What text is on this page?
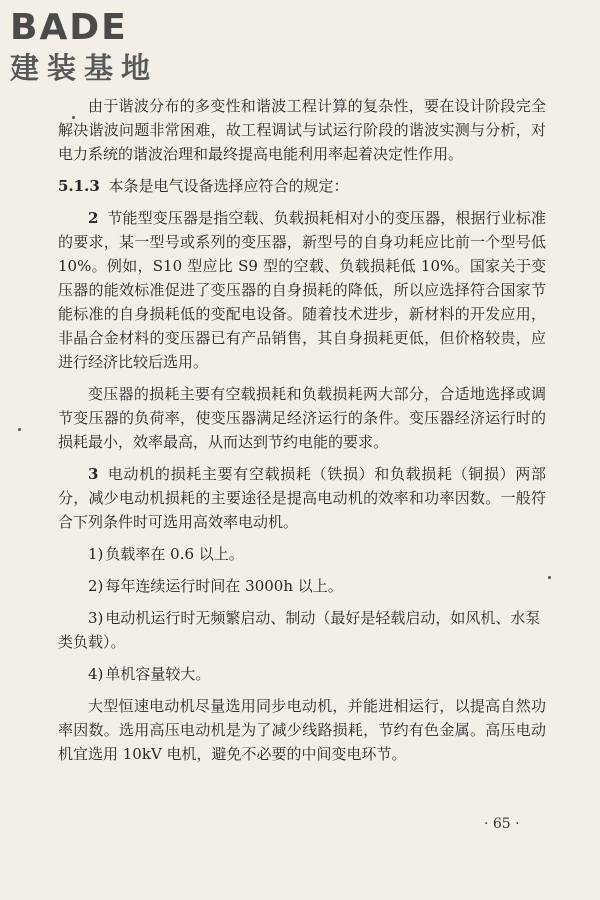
BADE
建装基地

由于谐波分布的多变性和谐波工程计算的复杂性，要在设计阶段完全解决谐波问题非常困难，故工程调试与试运行阶段的谐波实测与分析，对电力系统的谐波治理和最终提高电能利用率起着决定性作用。

5.1.3 本条是电气设备选择应符合的规定：

2 节能型变压器是指空载、负载损耗相对小的变压器，根据行业标准的要求，某一型号或系列的变压器，新型号的自身功耗应比前一个型号低 10%。例如，S10 型应比 S9 型的空载、负载损耗低 10%。国家关于变压器的能效标准促进了变压器的自身损耗的降低，所以应选择符合国家节能标准的自身损耗低的变配电设备。随着技术进步，新材料的开发应用，非晶合金材料的变压器已有产品销售，其自身损耗更低，但价格较贵，应进行经济比较后选用。

变压器的损耗主要有空载损耗和负载损耗两大部分，合适地选择或调节变压器的负荷率，使变压器满足经济运行的条件。变压器经济运行时的损耗最小，效率最高，从而达到节约电能的要求。

3 电动机的损耗主要有空载损耗（铁损）和负载损耗（铜损）两部分，减少电动机损耗的主要途径是提高电动机的效率和功率因数。一般符合下列条件时可选用高效率电动机。

1) 负载率在 0.6 以上。

2) 每年连续运行时间在 3000h 以上。

3) 电动机运行时无频繁启动、制动（最好是轻载启动，如风机、水泵类负载）。

4) 单机容量较大。

大型恒速电动机尽量选用同步电动机，并能进相运行，以提高自然功率因数。选用高压电动机是为了减少线路损耗，节约有色金属。高压电动机宜选用 10kV 电机，避免不必要的中间变电环节。

· 65 ·
